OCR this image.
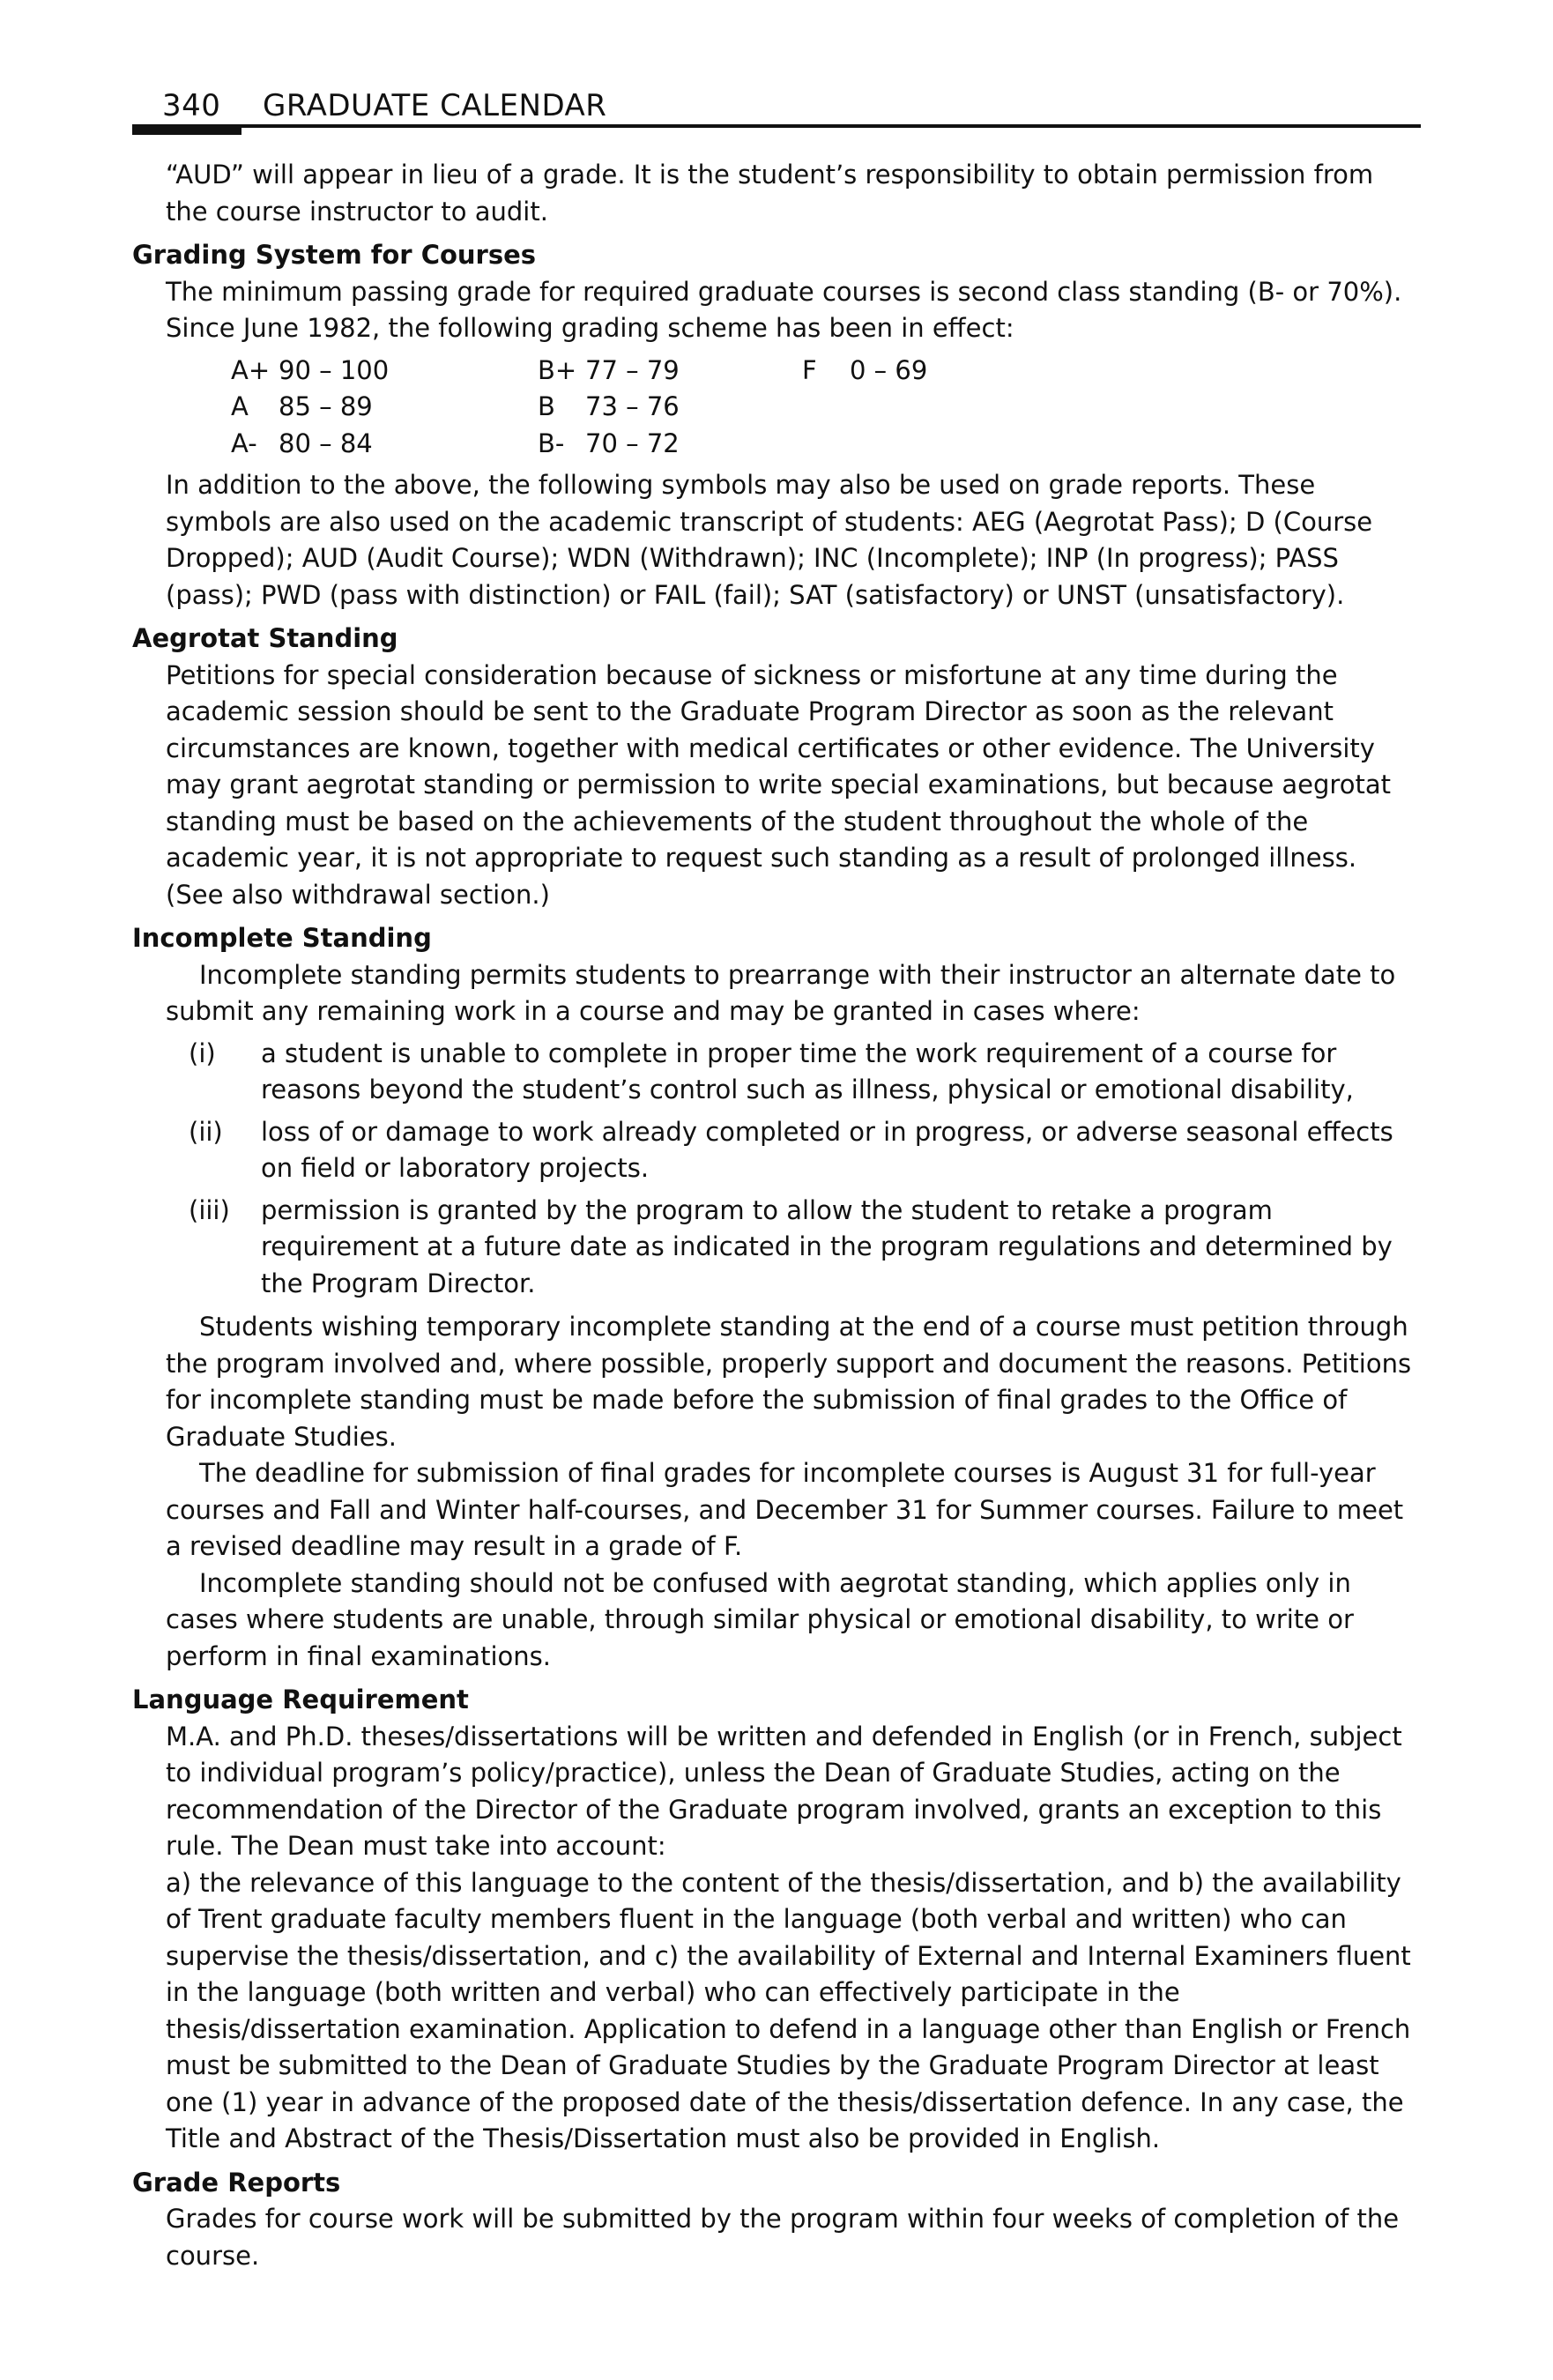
340	GRADUATE CALENDAR

“AUD” will appear in lieu of a grade. It is the student’s responsibility to obtain permission from the course instructor to audit.

Grading System for Courses

The minimum passing grade for required graduate courses is second class standing (B- or 70%). Since June 1982, the following grading scheme has been in effect:

A+ 90 – 100	B+ 77 – 79	F	0 – 69
A	85 – 89	B	73 – 76
A- 80 – 84	B- 70 – 72

In addition to the above, the following symbols may also be used on grade reports. These symbols are also used on the academic transcript of students: AEG (Aegrotat Pass); D (Course Dropped); AUD (Audit Course); WDN (Withdrawn); INC (Incomplete); INP (In progress); PASS (pass); PWD (pass with distinction) or FAIL (fail); SAT (satisfactory) or UNST (unsatisfactory).

Aegrotat Standing

Petitions for special consideration because of sickness or misfortune at any time during the academic session should be sent to the Graduate Program Director as soon as the relevant circumstances are known, together with medical certificates or other evidence. The University may grant aegrotat standing or permission to write special examinations, but because aegrotat standing must be based on the achievements of the student throughout the whole of the academic year, it is not appropriate to request such standing as a result of prolonged illness. (See also withdrawal section.)

Incomplete Standing

Incomplete standing permits students to prearrange with their instructor an alternate date to submit any remaining work in a course and may be granted in cases where:

(i)	a student is unable to complete in proper time the work requirement of a course for reasons beyond the student’s control such as illness, physical or emotional disability,
(ii)	loss of or damage to work already completed or in progress, or adverse seasonal effects on field or laboratory projects.
(iii)	permission is granted by the program to allow the student to retake a program requirement at a future date as indicated in the program regulations and determined by the Program Director.

Students wishing temporary incomplete standing at the end of a course must petition through the program involved and, where possible, properly support and document the reasons. Petitions for incomplete standing must be made before the submission of final grades to the Office of Graduate Studies.

The deadline for submission of final grades for incomplete courses is August 31 for full-year courses and Fall and Winter half-courses, and December 31 for Summer courses. Failure to meet a revised deadline may result in a grade of F.

Incomplete standing should not be confused with aegrotat standing, which applies only in cases where students are unable, through similar physical or emotional disability, to write or perform in final examinations.

Language Requirement

M.A. and Ph.D. theses/dissertations will be written and defended in English (or in French, subject to individual program’s policy/practice), unless the Dean of Graduate Studies, acting on the recommendation of the Director of the Graduate program involved, grants an exception to this rule. The Dean must take into account:

a) the relevance of this language to the content of the thesis/dissertation, and b) the availability of Trent graduate faculty members fluent in the language (both verbal and written) who can supervise the thesis/dissertation, and c) the availability of External and Internal Examiners fluent in the language (both written and verbal) who can effectively participate in the thesis/dissertation examination. Application to defend in a language other than English or French must be submitted to the Dean of Graduate Studies by the Graduate Program Director at least one (1) year in advance of the proposed date of the thesis/dissertation defence. In any case, the Title and Abstract of the Thesis/Dissertation must also be provided in English.

Grade Reports

Grades for course work will be submitted by the program within four weeks of completion of the course.
